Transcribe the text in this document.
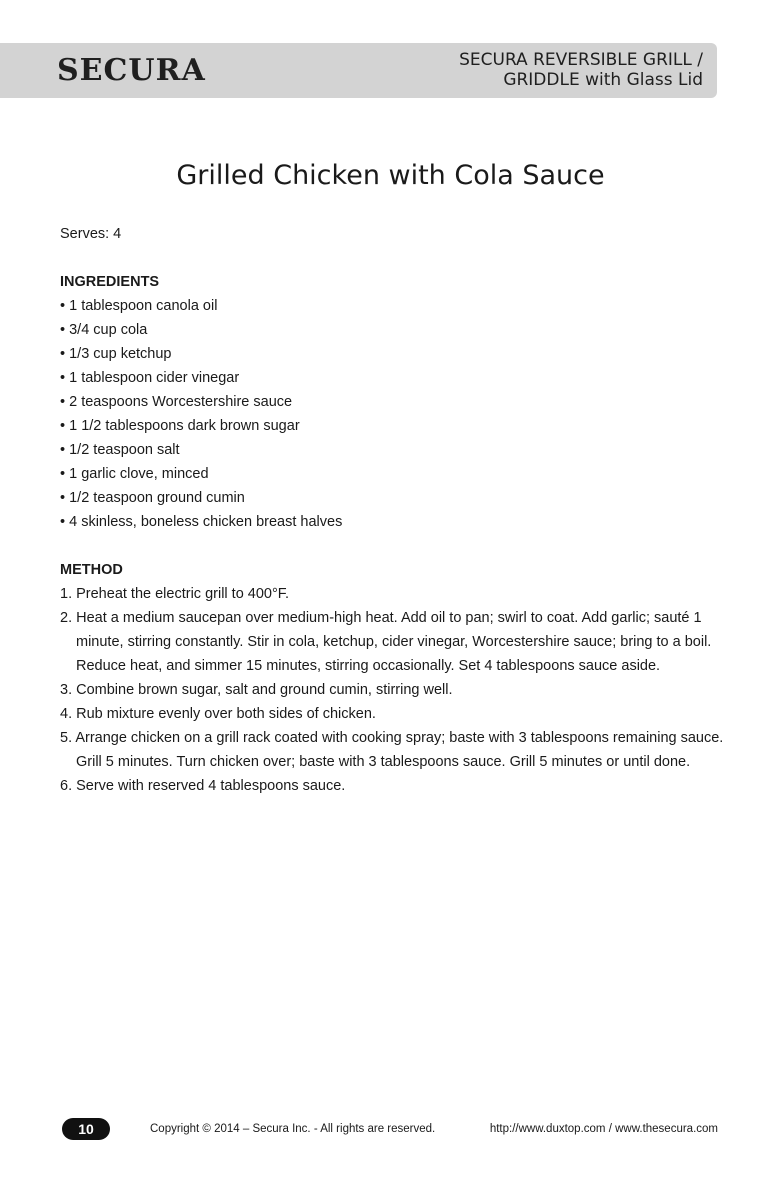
SECURA	SECURA REVERSIBLE GRILL /
GRIDDLE with Glass Lid
Grilled Chicken with Cola Sauce

Serves: 4

INGREDIENTS

• 1 tablespoon canola oil
• 3/4 cup cola
• 1/3 cup ketchup
• 1 tablespoon cider vinegar
• 2 teaspoons Worcestershire sauce
• 1 1/2 tablespoons dark brown sugar
• 1/2 teaspoon salt
• 1 garlic clove, minced
• 1/2 teaspoon ground cumin
• 4 skinless, boneless chicken breast halves

METHOD

1. Preheat the electric grill to 400°F.
2. Heat a medium saucepan over medium-high heat. Add oil to pan; swirl to coat. Add garlic; sauté 1 minute, stirring constantly. Stir in cola, ketchup, cider vinegar, Worcestershire sauce; bring to a boil. Reduce heat, and simmer 15 minutes, stirring occasionally. Set 4 tablespoons sauce aside.
3. Combine brown sugar, salt and ground cumin, stirring well.
4. Rub mixture evenly over both sides of chicken.
5. Arrange chicken on a grill rack coated with cooking spray; baste with 3 tablespoons remaining sauce. Grill 5 minutes. Turn chicken over; baste with 3 tablespoons sauce. Grill 5 minutes or until done.
6. Serve with reserved 4 tablespoons sauce.
10	Copyright © 2014 – Secura Inc. - All rights are reserved.	http://www.duxtop.com / www.thesecura.com
